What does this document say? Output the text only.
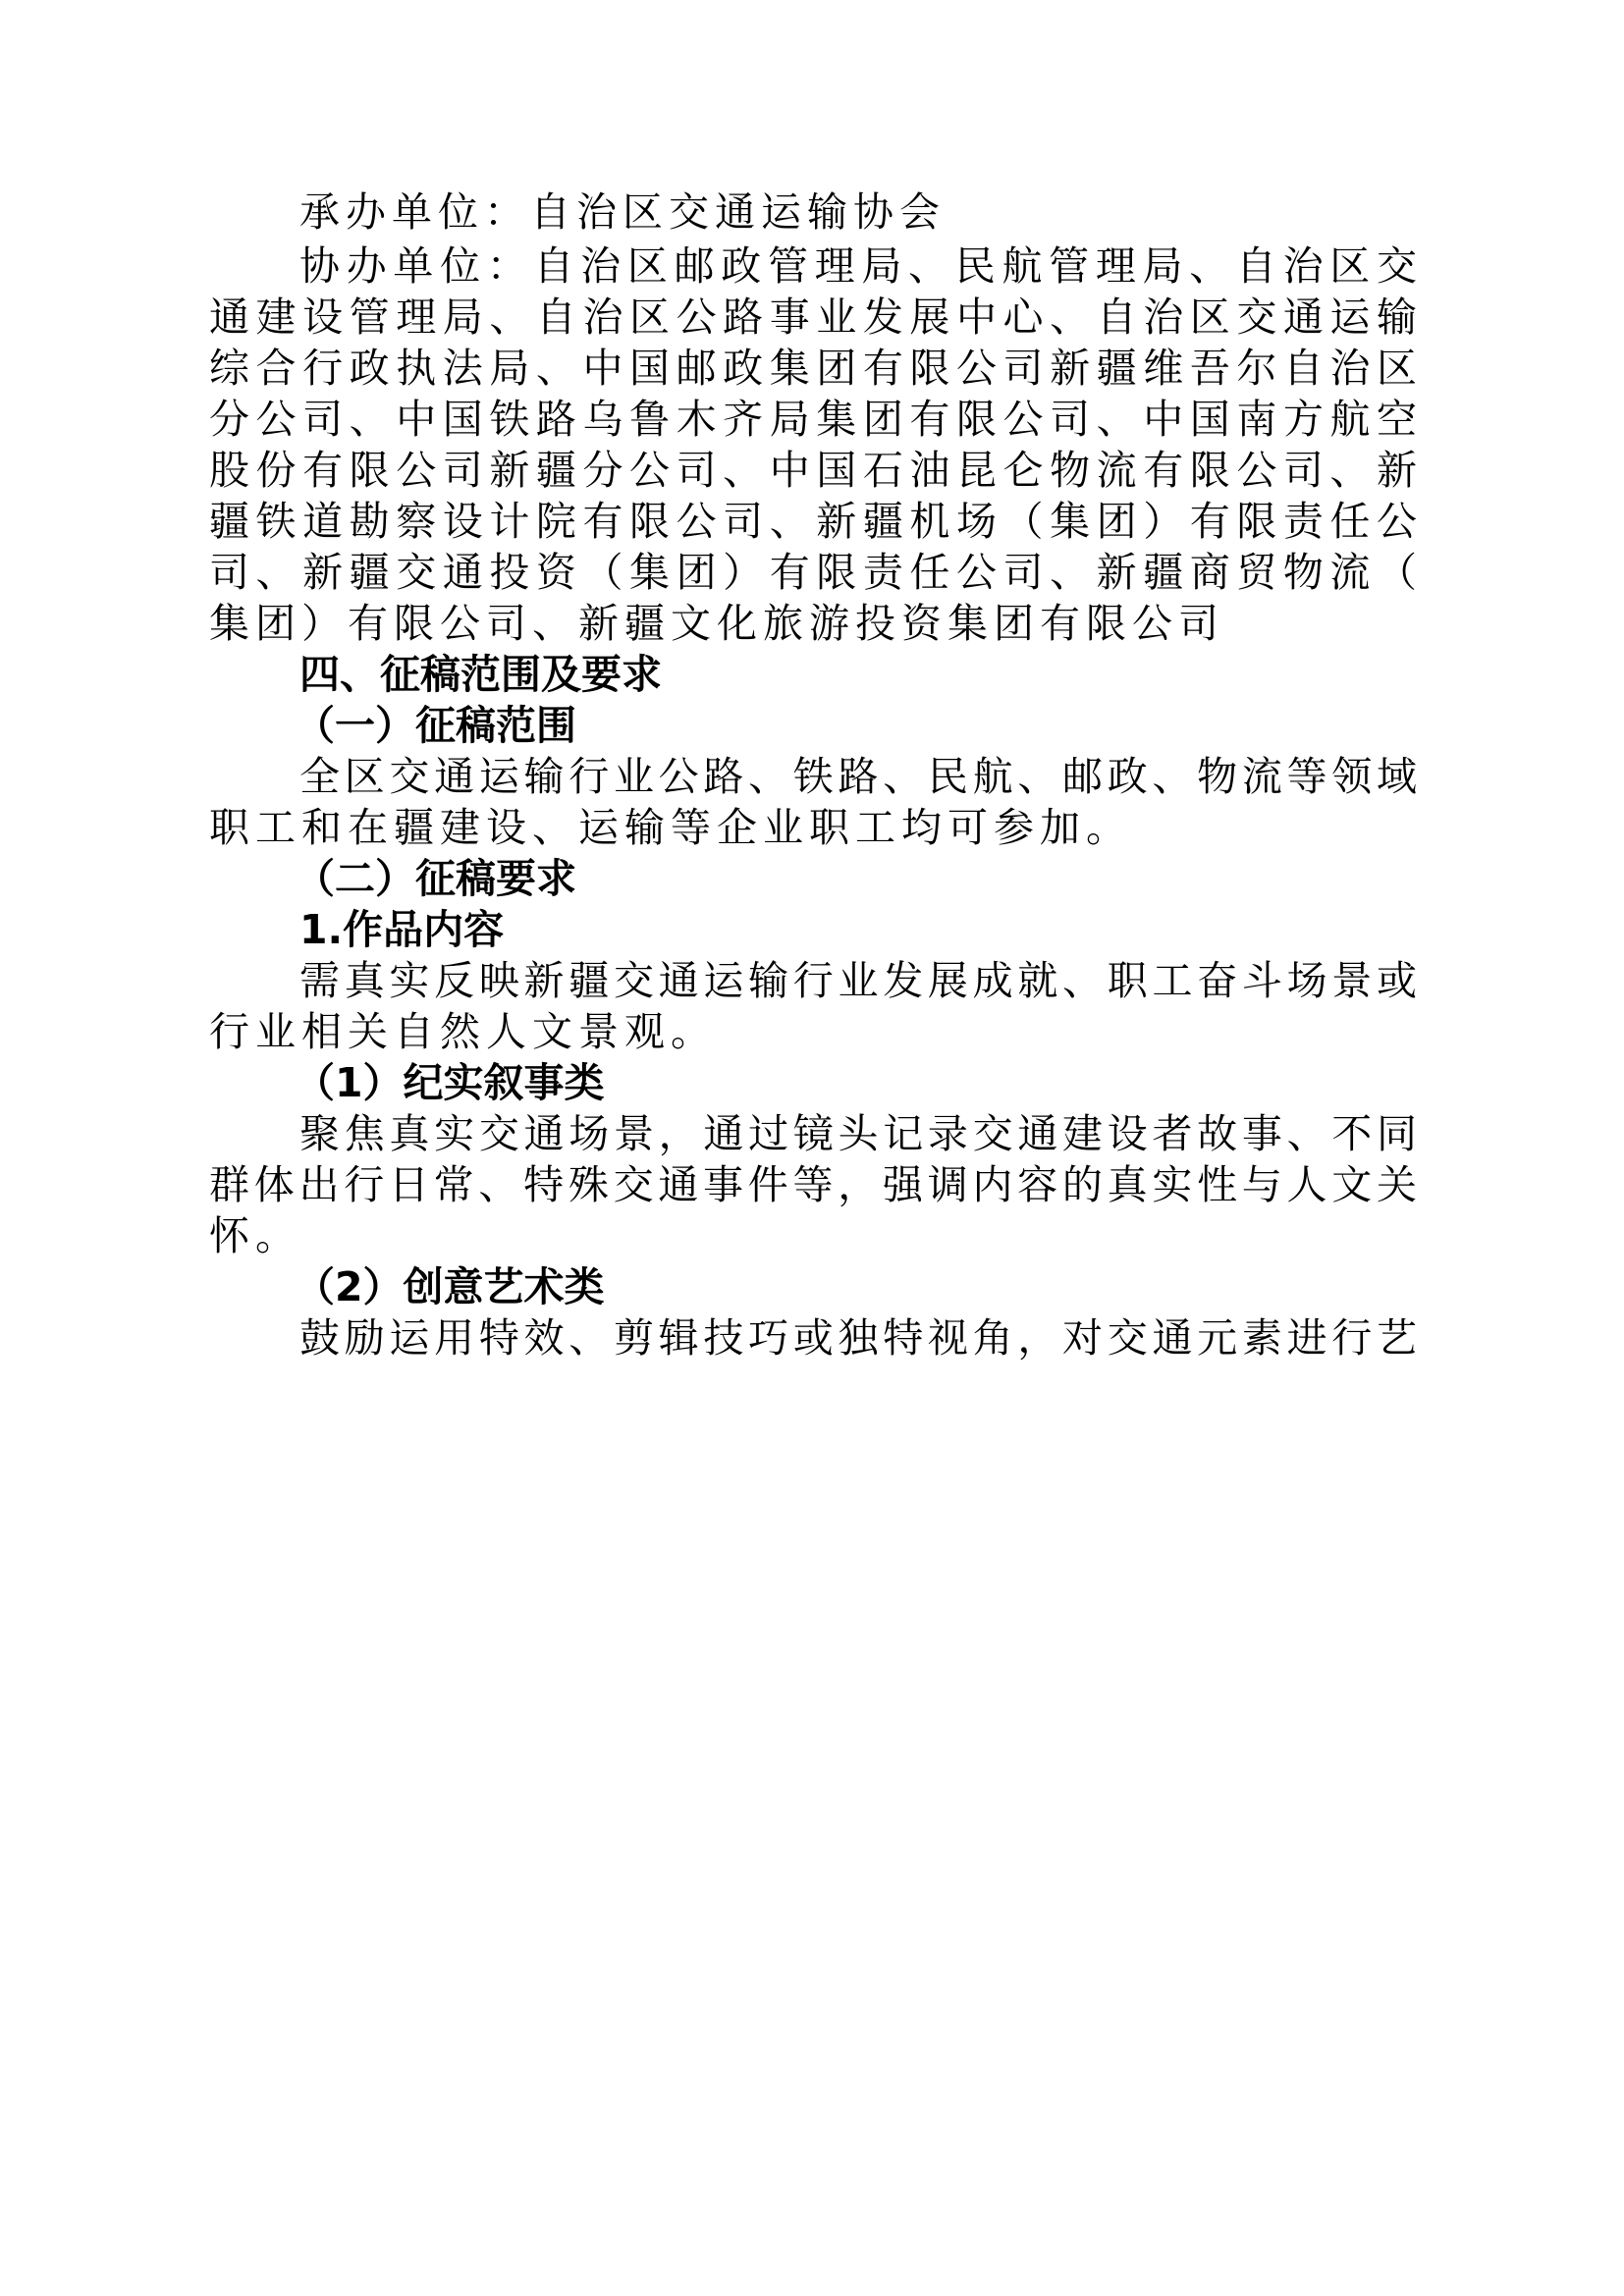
承办单位：自治区交通运输协会
协办单位：自治区邮政管理局、民航管理局、自治区交
通建设管理局、自治区公路事业发展中心、自治区交通运输
综合行政执法局、中国邮政集团有限公司新疆维吾尔自治区
分公司、中国铁路乌鲁木齐局集团有限公司、中国南方航空
股份有限公司新疆分公司、中国石油昆仑物流有限公司、新
疆铁道勘察设计院有限公司、新疆机场（集团）有限责任公
司、新疆交通投资（集团）有限责任公司、新疆商贸物流（
集团）有限公司、新疆文化旅游投资集团有限公司
四、征稿范围及要求
（一）征稿范围
全区交通运输行业公路、铁路、民航、邮政、物流等领域
职工和在疆建设、运输等企业职工均可参加。
（二）征稿要求
1.作品内容
需真实反映新疆交通运输行业发展成就、职工奋斗场景或
行业相关自然人文景观。
（1）纪实叙事类
聚焦真实交通场景，通过镜头记录交通建设者故事、不同
群体出行日常、特殊交通事件等，强调内容的真实性与人文关
怀。
（2）创意艺术类
鼓励运用特效、剪辑技巧或独特视角，对交通元素进行艺
